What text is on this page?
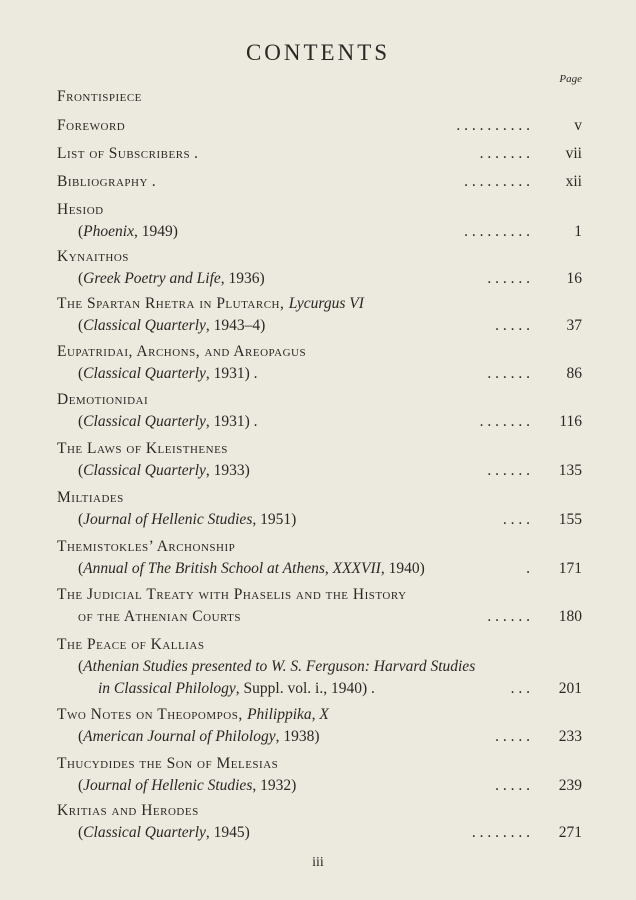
CONTENTS
Page
Frontispiece
Foreword	. . . . . . . . . .	v
List of Subscribers .	. . . . . . .	vii
Bibliography .	. . . . . . . . .	xii
Hesiod
(Phoenix, 1949)	. . . . . . . . .	1
Kynaithos
(Greek Poetry and Life, 1936)	. . . . . .	16
The Spartan Rhetra in Plutarch, Lycurgus VI
(Classical Quarterly, 1943–4)	. . . . .	37
Eupatridai, Archons, and Areopagus
(Classical Quarterly, 1931) .	. . . . . .	86
Demotionidai
(Classical Quarterly, 1931) .	. . . . . . .	116
The Laws of Kleisthenes
(Classical Quarterly, 1933)	. . . . . .	135
Miltiades
(Journal of Hellenic Studies, 1951)	. . . .	155
Themistokles’ Archonship
(Annual of The British School at Athens, XXXVII, 1940)	.	171
The Judicial Treaty with Phaselis and the History
of the Athenian Courts	. . . . . .	180
The Peace of Kallias
(Athenian Studies presented to W. S. Ferguson: Harvard Studies
in Classical Philology, Suppl. vol. i., 1940) .	. . .	201
Two Notes on Theopompos, Philippika, X
(American Journal of Philology, 1938)	. . . . .	233
Thucydides the Son of Melesias
(Journal of Hellenic Studies, 1932)	. . . . .	239
Kritias and Herodes
(Classical Quarterly, 1945)	. . . . . . . .	271
iii
